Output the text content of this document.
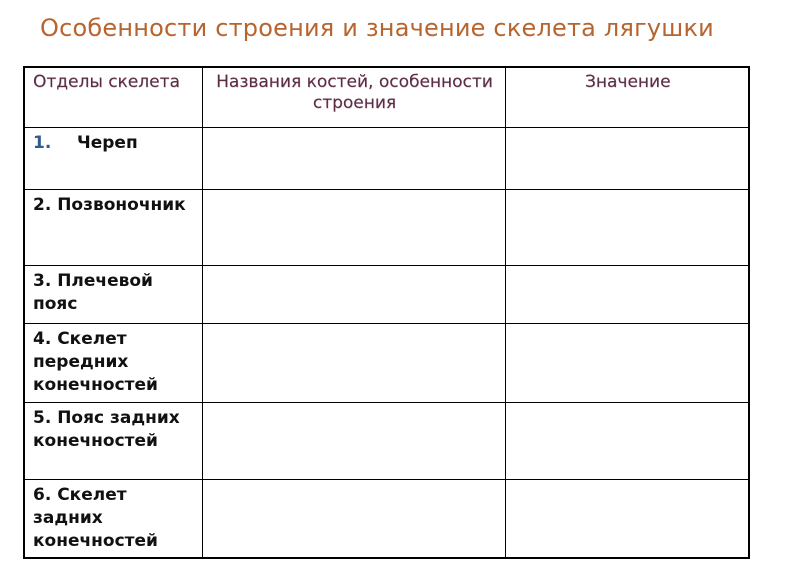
Особенности строения и значение скелета лягушки
Отделы скелета	Названия костей, особенности строения	Значение
1. Череп		
2. Позвоночник		
3. Плечевой пояс		
4. Скелет передних конечностей		
5. Пояс задних конечностей		
6. Скелет задних конечностей		
